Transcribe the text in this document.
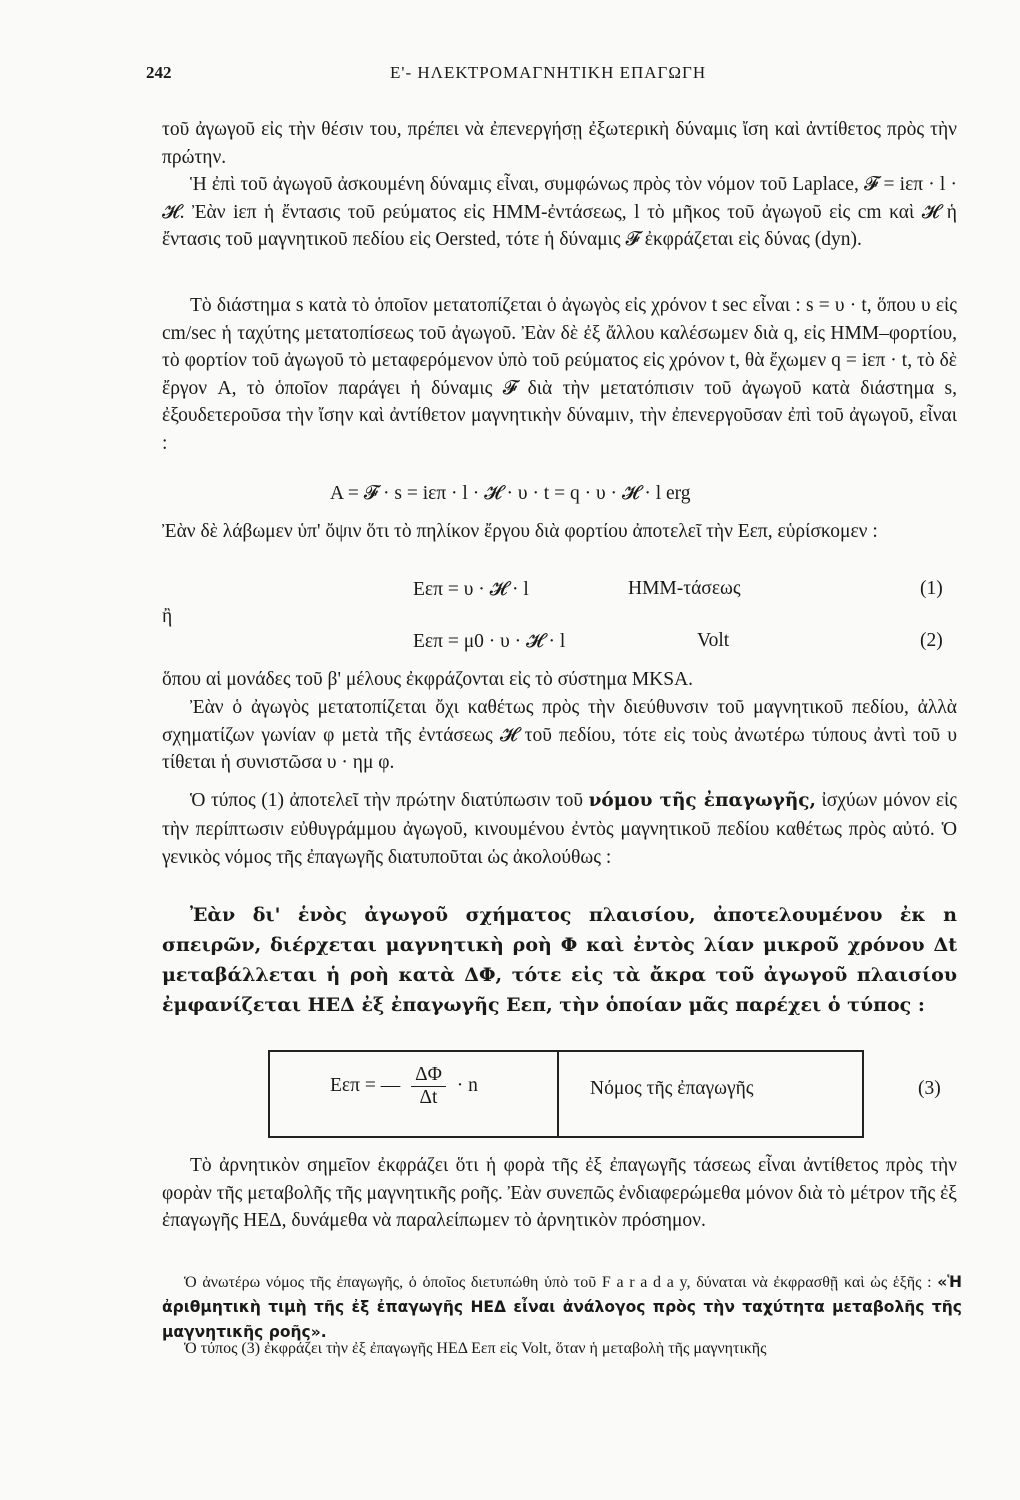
242	Ε'- ΗΛΕΚΤΡΟΜΑΓΝΗΤΙΚΗ ΕΠΑΓΩΓΗ
τοῦ ἀγωγοῦ εἰς τὴν θέσιν του, πρέπει νὰ ἐπενεργήσῃ ἐξωτερικὴ δύναμις ἴση καὶ ἀντίθετος πρὸς τὴν πρώτην.
Ἡ ἐπὶ τοῦ ἀγωγοῦ ἀσκουμένη δύναμις εἶναι, συμφώνως πρὸς τὸν νόμον τοῦ Laplace, 𝓕 = iεπ · l · 𝓗. Ἐὰν iεπ ἡ ἔντασις τοῦ ρεύματος εἰς ΗΜΜ-ἐντάσεως, l τὸ μῆκος τοῦ ἀγωγοῦ εἰς cm καὶ 𝓗 ἡ ἔντασις τοῦ μαγνητικοῦ πεδίου εἰς Oersted, τότε ἡ δύναμις 𝓕 ἐκφράζεται εἰς δύνας (dyn).
Τὸ διάστημα s κατὰ τὸ ὁποῖον μετατοπίζεται ὁ ἀγωγὸς εἰς χρόνον t sec εἶναι : s = υ · t, ὅπου υ εἰς cm/sec ἡ ταχύτης μετατοπίσεως τοῦ ἀγωγοῦ. Ἐὰν δὲ ἐξ ἄλλου καλέσωμεν διὰ q, εἰς ΗΜΜ–φορτίου, τὸ φορτίον τοῦ ἀγωγοῦ τὸ μεταφερόμενον ὑπὸ τοῦ ρεύματος εἰς χρόνον t, θὰ ἔχωμεν q = iεπ · t, τὸ δὲ ἔργον A, τὸ ὁποῖον παράγει ἡ δύναμις 𝓕 διὰ τὴν μετατόπισιν τοῦ ἀγωγοῦ κατὰ διάστημα s, ἐξουδετεροῦσα τὴν ἴσην καὶ ἀντίθετον μαγνητικὴν δύναμιν, τὴν ἐπενεργοῦσαν ἐπὶ τοῦ ἀγωγοῦ, εἶναι :
A = 𝓕 · s = iεπ · l · 𝓗 · υ · t = q · υ · 𝓗 · l erg
Ἐὰν δὲ λάβωμεν ὑπ' ὄψιν ὅτι τὸ πηλίκον ἔργου διὰ φορτίου ἀποτελεῖ τὴν Eεπ, εὑρίσκομεν :
Eεπ = υ · 𝓗 · l	ΗΜΜ-τάσεως	(1)
ἢ
Eεπ = μ0 · υ · 𝓗 · l	Volt	(2)
ὅπου αἱ μονάδες τοῦ β' μέλους ἐκφράζονται εἰς τὸ σύστημα MKSA.
Ἐὰν ὁ ἀγωγὸς μετατοπίζεται ὄχι καθέτως πρὸς τὴν διεύθυνσιν τοῦ μαγνητικοῦ πεδίου, ἀλλὰ σχηματίζων γωνίαν φ μετὰ τῆς ἐντάσεως 𝓗 τοῦ πεδίου, τότε εἰς τοὺς ἀνωτέρω τύπους ἀντὶ τοῦ υ τίθεται ἡ συνιστῶσα υ · ημ φ.
Ὁ τύπος (1) ἀποτελεῖ τὴν πρώτην διατύπωσιν τοῦ νόμου τῆς ἐπαγωγῆς, ἰσχύων μόνον εἰς τὴν περίπτωσιν εὐθυγράμμου ἀγωγοῦ, κινουμένου ἐντὸς μαγνητικοῦ πεδίου καθέτως πρὸς αὐτό. Ὁ γενικὸς νόμος τῆς ἐπαγωγῆς διατυποῦται ὡς ἀκολούθως :
Ἐὰν δι' ἑνὸς ἀγωγοῦ σχήματος πλαισίου, ἀποτελουμένου ἐκ n σπειρῶν, διέρχεται μαγνητικὴ ροὴ Φ καὶ ἐντὸς λίαν μικροῦ χρόνου Δt μεταβάλλεται ἡ ροὴ κατὰ ΔΦ, τότε εἰς τὰ ἄκρα τοῦ ἀγωγοῦ πλαισίου ἐμφανίζεται ΗΕΔ ἐξ ἐπαγωγῆς Eεπ, τὴν ὁποίαν μᾶς παρέχει ὁ τύπος :
Eεπ = — $\frac{\Delta\Phi}{\Delta t} \cdot n$	Νόμος τῆς ἐπαγωγῆς	(3)
Τὸ ἀρνητικὸν σημεῖον ἐκφράζει ὅτι ἡ φορὰ τῆς ἐξ ἐπαγωγῆς τάσεως εἶναι ἀντίθετος πρὸς τὴν φορὰν τῆς μεταβολῆς τῆς μαγνητικῆς ροῆς. Ἐὰν συνεπῶς ἐνδιαφερώμεθα μόνον διὰ τὸ μέτρον τῆς ἐξ ἐπαγωγῆς ΗΕΔ, δυνάμεθα νὰ παραλείπωμεν τὸ ἀρνητικὸν πρόσημον.
Ὁ ἀνωτέρω νόμος τῆς ἐπαγωγῆς, ὁ ὁποῖος διετυπώθη ὑπὸ τοῦ F a r a d a y, δύναται νὰ ἐκφρασθῇ καὶ ὡς ἑξῆς : «Ἡ ἀριθμητικὴ τιμὴ τῆς ἐξ ἐπαγωγῆς ΗΕΔ εἶναι ἀνάλογος πρὸς τὴν ταχύτητα μεταβολῆς τῆς μαγνητικῆς ροῆς».
Ὁ τύπος (3) ἐκφράζει τὴν ἐξ ἐπαγωγῆς ΗΕΔ Eεπ εἰς Volt, ὅταν ἡ μεταβολὴ τῆς μαγνητικῆς
